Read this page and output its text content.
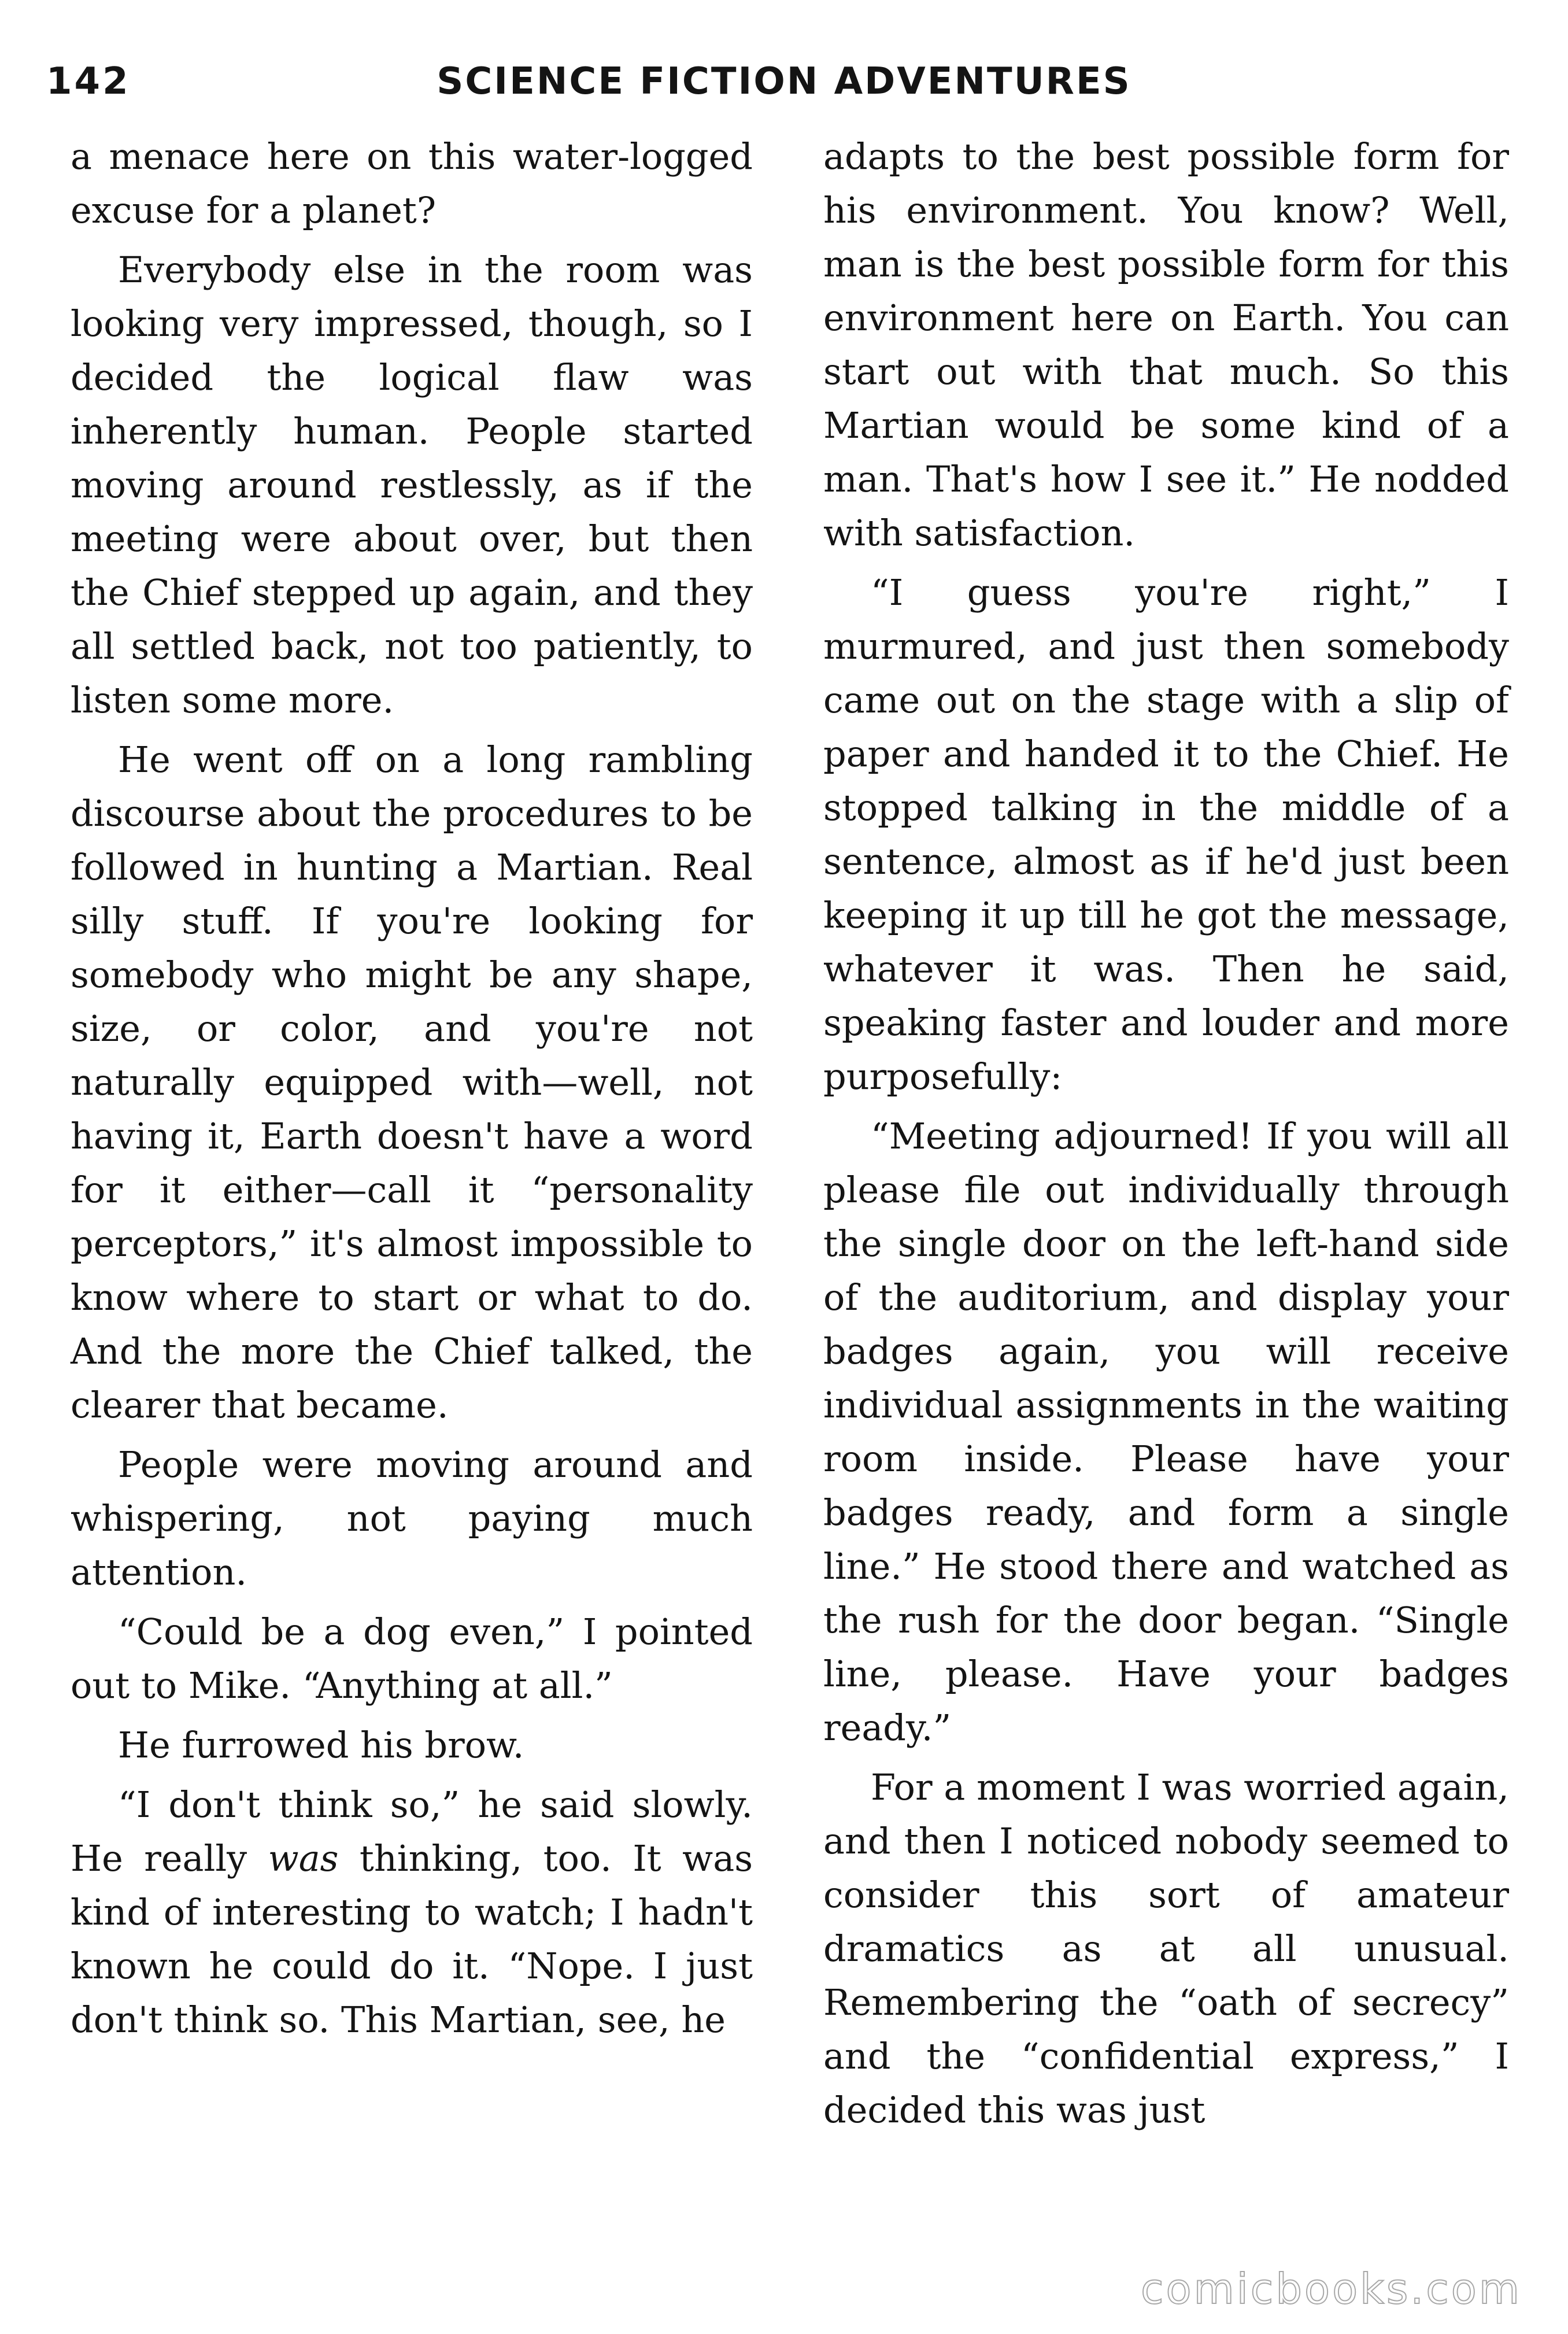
142	SCIENCE FICTION ADVENTURES

a menace here on this water-logged excuse for a planet?

Everybody else in the room was looking very impressed, though, so I decided the logical flaw was inherently human. People started moving around restlessly, as if the meeting were about over, but then the Chief stepped up again, and they all settled back, not too patiently, to listen some more.

He went off on a long rambling discourse about the procedures to be followed in hunting a Martian. Real silly stuff. If you're looking for somebody who might be any shape, size, or color, and you're not naturally equipped with—well, not having it, Earth doesn't have a word for it either—call it “personality perceptors,” it's almost impossible to know where to start or what to do. And the more the Chief talked, the clearer that became.

People were moving around and whispering, not paying much attention.

“Could be a dog even,” I pointed out to Mike. “Anything at all.”

He furrowed his brow.

“I don't think so,” he said slowly. He really was thinking, too. It was kind of interesting to watch; I hadn't known he could do it. “Nope. I just don't think so. This Martian, see, he

adapts to the best possible form for his environment. You know? Well, man is the best possible form for this environment here on Earth. You can start out with that much. So this Martian would be some kind of a man. That's how I see it.” He nodded with satisfaction.

“I guess you're right,” I murmured, and just then somebody came out on the stage with a slip of paper and handed it to the Chief. He stopped talking in the middle of a sentence, almost as if he'd just been keeping it up till he got the message, whatever it was. Then he said, speaking faster and louder and more purposefully:

“Meeting adjourned! If you will all please file out individually through the single door on the left-hand side of the auditorium, and display your badges again, you will receive individual assignments in the waiting room inside. Please have your badges ready, and form a single line.” He stood there and watched as the rush for the door began. “Single line, please. Have your badges ready.”

For a moment I was worried again, and then I noticed nobody seemed to consider this sort of amateur dramatics as at all unusual. Remembering the “oath of secrecy” and the “confidential express,” I decided this was just

comicbooks.com
